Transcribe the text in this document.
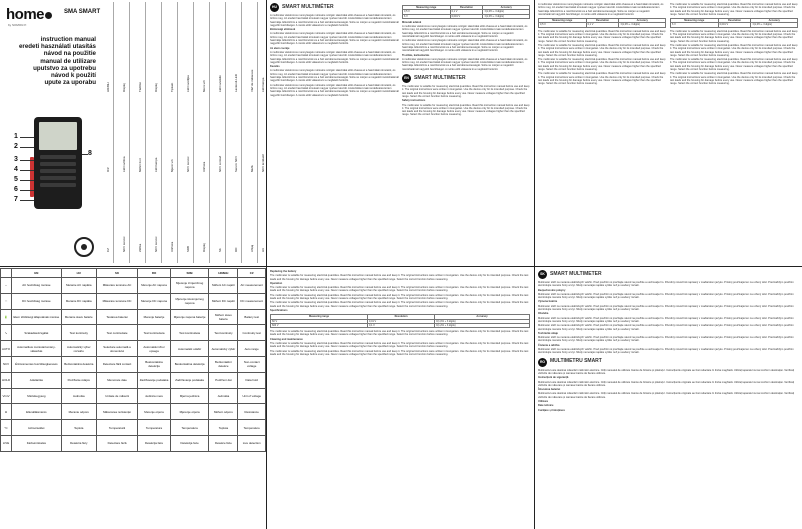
home
by SOMOGYI
SMA SMART
instruction manual
eredeti használati utasítás
návod na použitie
manual de utilizare
uputstvo za upotrebu
návod k použití
upute za uporabu
1
2
3
4
5
6
7
8
CZ
ICZ
HR/BiH
NCV senzor
LED svítilna
Displej
Zdířka
Měřicí hrot
Tlačítko
NCV senzor
LED lampa
Displej
Utičnica
Mjerni vrh
Tipkalo
SRB
NCV senzor
LED svetiljka
Displej
Utičnica
Merni vrh
SK
NCV snímač
LED svietidlo
RO
Senzor NCV
Lanternă LED
Afișaj
Mufă
Vârf de măsurare
HU
NCV érzékelő
LED lámpa
	EN	HU	SK	RO	SRB	HR/BiH	CZ
~	AC feszültség mérése	Meranie AC napätia	Măsurare tensiune AC	Merenje AC napona	Mjerenje izmjeničnog napona	Měření AC napětí	AC measurement
⎓	DC feszültség mérése	Meranie DC napätia	Măsurare tensiune DC	Merenje DC napona	Mjerenje istosmjernog napona	Měření DC napětí	DC measurement
🔋	Elem töltöttségi állapotának mérése	Meranie stavu batérie	Testarea bateriei	Merenje baterije	Mjerenje napona baterije	Měření stavu baterie	Battery test
∿	Szakadásvizsgálat	Test kontinuity	Test continuitate	Test kontinuiteta	Test kontinuiteta	Test kontinuity	Continuity test
AUTO	Automatikus méréstartomány-választás	Automatický výber rozsahu	Selectare automată a domeniului	Automatski izbor opsega	Automatski odabir	Automatický výběr	Auto range
NCV	Érintésmentes feszültségkeresés	Bezkontaktná detekcia	Detectare fără contact	Beskontaktna detekcija	Beskontaktna detekcija	Bezkontaktní detekce	Non-contact voltage
HOLD	Adattartás	Podržanie údajov	Memorare date	Zadržavanje podataka	Zadržavanje podataka	Podržení dat	Data hold
V/mV	Mértékegység	Jednotka	Unitate de măsură	Jedinica mere	Mjerna jedinica	Jednotka	Unit of voltage
Ω	Ellenállásmérés	Meranie odporu	Măsurarea rezistenței	Merenje otpora	Mjerenje otpora	Měření odporu	Resistance
°C	Hőmérséklet	Teplota	Temperatură	Temperatura	Temperatura	Teplota	Temperature
LIVE	Fázisérzékelés	Detekcia fázy	Detectare fază	Detekcija faze	Detekcija faze	Detekce fáze	Live detection
HU	SMART MULTIMÉTER

A multiméter elektromos mennyiségek mérésére szolgál. Használat előtt olvassa el a használati útmutatót, és őrizze meg. Az eredeti használati útmutató magyar nyelven készült. A készüléket csak rendeltetésszerűen használja. Ellenőrizze a mérőzsinórok és a ház sérülésmentességét. Soha ne mérjen a megadott méréshatárnál nagyobb feszültséget. A mérés előtt válassza ki a megfelelő funkciót.

Biztonsági előírások

A multiméter elektromos mennyiségek mérésére szolgál. Használat előtt olvassa el a használati útmutatót, és őrizze meg. Az eredeti használati útmutató magyar nyelven készült. A készüléket csak rendeltetésszerűen használja. Ellenőrizze a mérőzsinórok és a ház sérülésmentességét. Soha ne mérjen a megadott méréshatárnál nagyobb feszültséget. A mérés előtt válassza ki a megfelelő funkciót.

Az elem cseréje

A multiméter elektromos mennyiségek mérésére szolgál. Használat előtt olvassa el a használati útmutatót, és őrizze meg. Az eredeti használati útmutató magyar nyelven készült. A készüléket csak rendeltetésszerűen használja. Ellenőrizze a mérőzsinórok és a ház sérülésmentességét. Soha ne mérjen a megadott méréshatárnál nagyobb feszültséget. A mérés előtt válassza ki a megfelelő funkciót.

Kezelés

A multiméter elektromos mennyiségek mérésére szolgál. Használat előtt olvassa el a használati útmutatót, és őrizze meg. Az eredeti használati útmutató magyar nyelven készült. A készüléket csak rendeltetésszerűen használja. Ellenőrizze a mérőzsinórok és a ház sérülésmentességét. Soha ne mérjen a megadott méréshatárnál nagyobb feszültséget. A mérés előtt válassza ki a megfelelő funkciót.

A multiméter elektromos mennyiségek mérésére szolgál. Használat előtt olvassa el a használati útmutatót, és őrizze meg. Az eredeti használati útmutató magyar nyelven készült. A készüléket csak rendeltetésszerűen használja. Ellenőrizze a mérőzsinórok és a ház sérülésmentességét. Soha ne mérjen a megadott méréshatárnál nagyobb feszültséget. A mérés előtt válassza ki a megfelelő funkciót.

Measuring range	Resolution	Accuracy
0,5 V	0,1 V	±(1,0% + 3 digits)
6 V	0,001 V	±(1,0% + 3 digits)

Műszaki adatok

A multiméter elektromos mennyiségek mérésére szolgál. Használat előtt olvassa el a használati útmutatót, és őrizze meg. Az eredeti használati útmutató magyar nyelven készült. A készüléket csak rendeltetésszerűen használja. Ellenőrizze a mérőzsinórok és a ház sérülésmentességét. Soha ne mérjen a megadott méréshatárnál nagyobb feszültséget. A mérés előtt válassza ki a megfelelő funkciót.

A multiméter elektromos mennyiségek mérésére szolgál. Használat előtt olvassa el a használati útmutatót, és őrizze meg. Az eredeti használati útmutató magyar nyelven készült. A készüléket csak rendeltetésszerűen használja. Ellenőrizze a mérőzsinórok és a ház sérülésmentességét. Soha ne mérjen a megadott méréshatárnál nagyobb feszültséget. A mérés előtt válassza ki a megfelelő funkciót.

Tisztítás, karbantartás

A multiméter elektromos mennyiségek mérésére szolgál. Használat előtt olvassa el a használati útmutatót, és őrizze meg. Az eredeti használati útmutató magyar nyelven készült. A készüléket csak rendeltetésszerűen használja. Ellenőrizze a mérőzsinórok és a ház sérülésmentességét. Soha ne mérjen a megadott méréshatárnál nagyobb feszültséget. A mérés előtt válassza ki a megfelelő funkciót.

EN	SMART MULTIMETER

The multimeter is suitable for measuring electrical quantities. Read this instruction manual before use and keep it. The original instructions were written in Hungarian. Use the device only for its intended purpose. Check the test leads and the housing for damage before every use. Never measure voltages higher than the specified range. Select the correct function before measuring.

Safety instructions

The multimeter is suitable for measuring electrical quantities. Read this instruction manual before use and keep it. The original instructions were written in Hungarian. Use the device only for its intended purpose. Check the test leads and the housing for damage before every use. Never measure voltages higher than the specified range. Select the correct function before measuring.

Replacing the battery

The multimeter is suitable for measuring electrical quantities. Read this instruction manual before use and keep it. The original instructions were written in Hungarian. Use the device only for its intended purpose. Check the test leads and the housing for damage before every use. Never measure voltages higher than the specified range. Select the correct function before measuring.

Operation

The multimeter is suitable for measuring electrical quantities. Read this instruction manual before use and keep it. The original instructions were written in Hungarian. Use the device only for its intended purpose. Check the test leads and the housing for damage before every use. Never measure voltages higher than the specified range. Select the correct function before measuring.

The multimeter is suitable for measuring electrical quantities. Read this instruction manual before use and keep it. The original instructions were written in Hungarian. Use the device only for its intended purpose. Check the test leads and the housing for damage before every use. Never measure voltages higher than the specified range. Select the correct function before measuring.

The multimeter is suitable for measuring electrical quantities. Read this instruction manual before use and keep it. The original instructions were written in Hungarian. Use the device only for its intended purpose. Check the test leads and the housing for damage before every use. Never measure voltages higher than the specified range. Select the correct function before measuring.

Specifications

Measuring range	Resolution	Accuracy
60 V	0,01 V	±(1,0% + 3 digits)
600 V	0,1 V	±(1,2% + 3 digits)

The multimeter is suitable for measuring electrical quantities. Read this instruction manual before use and keep it. The original instructions were written in Hungarian. Use the device only for its intended purpose. Check the test leads and the housing for damage before every use. Never measure voltages higher than the specified range. Select the correct function before measuring.

Cleaning and maintenance

The multimeter is suitable for measuring electrical quantities. Read this instruction manual before use and keep it. The original instructions were written in Hungarian. Use the device only for its intended purpose. Check the test leads and the housing for damage before every use. Never measure voltages higher than the specified range. Select the correct function before measuring.

The multimeter is suitable for measuring electrical quantities. Read this instruction manual before use and keep it. The original instructions were written in Hungarian. Use the device only for its intended purpose. Check the test leads and the housing for damage before every use. Never measure voltages higher than the specified range. Select the correct function before measuring.

A multiméter elektromos mennyiségek mérésére szolgál. Használat előtt olvassa el a használati útmutatót, és őrizze meg. Az eredeti használati útmutató magyar nyelven készült. A készüléket csak rendeltetésszerűen használja. Ellenőrizze a mérőzsinórok és a ház sérülésmentességét. Soha ne mérjen a megadott méréshatárnál nagyobb feszültséget. A mérés előtt válassza ki a megfelelő funkciót.

Measuring range	Resolution	Accuracy
0,5 V	0,1 V	±(1,0% + 3 digits)

The multimeter is suitable for measuring electrical quantities. Read this instruction manual before use and keep it. The original instructions were written in Hungarian. Use the device only for its intended purpose. Check the test leads and the housing for damage before every use. Never measure voltages higher than the specified range. Select the correct function before measuring.

The multimeter is suitable for measuring electrical quantities. Read this instruction manual before use and keep it. The original instructions were written in Hungarian. Use the device only for its intended purpose. Check the test leads and the housing for damage before every use. Never measure voltages higher than the specified range. Select the correct function before measuring.

The multimeter is suitable for measuring electrical quantities. Read this instruction manual before use and keep it. The original instructions were written in Hungarian. Use the device only for its intended purpose. Check the test leads and the housing for damage before every use. Never measure voltages higher than the specified range. Select the correct function before measuring.

The multimeter is suitable for measuring electrical quantities. Read this instruction manual before use and keep it. The original instructions were written in Hungarian. Use the device only for its intended purpose. Check the test leads and the housing for damage before every use. Never measure voltages higher than the specified range. Select the correct function before measuring.

The multimeter is suitable for measuring electrical quantities. Read this instruction manual before use and keep it. The original instructions were written in Hungarian. Use the device only for its intended purpose. Check the test leads and the housing for damage before every use. Never measure voltages higher than the specified range. Select the correct function before measuring.

Measuring range	Resolution	Accuracy
6 V	0,001 V	±(1,0% + 3 digits)

The multimeter is suitable for measuring electrical quantities. Read this instruction manual before use and keep it. The original instructions were written in Hungarian. Use the device only for its intended purpose. Check the test leads and the housing for damage before every use. Never measure voltages higher than the specified range. Select the correct function before measuring.

The multimeter is suitable for measuring electrical quantities. Read this instruction manual before use and keep it. The original instructions were written in Hungarian. Use the device only for its intended purpose. Check the test leads and the housing for damage before every use. Never measure voltages higher than the specified range. Select the correct function before measuring.

The multimeter is suitable for measuring electrical quantities. Read this instruction manual before use and keep it. The original instructions were written in Hungarian. Use the device only for its intended purpose. Check the test leads and the housing for damage before every use. Never measure voltages higher than the specified range. Select the correct function before measuring.

The multimeter is suitable for measuring electrical quantities. Read this instruction manual before use and keep it. The original instructions were written in Hungarian. Use the device only for its intended purpose. Check the test leads and the housing for damage before every use. Never measure voltages higher than the specified range. Select the correct function before measuring.

SK	SMART MULTIMETER

Multimeter slúži na meranie elektrických veličín. Pred použitím si prečítajte návod na použitie a uschovajte ho. Pôvodný návod bol napísaný v maďarskom jazyku. Prístroj používajte len na určený účel. Pred každým použitím skontrolujte meracie hroty a kryt. Nikdy nemerajte napätie vyššie než je uvedený rozsah.

Bezpečnostné pokyny

Multimeter slúži na meranie elektrických veličín. Pred použitím si prečítajte návod na použitie a uschovajte ho. Pôvodný návod bol napísaný v maďarskom jazyku. Prístroj používajte len na určený účel. Pred každým použitím skontrolujte meracie hroty a kryt. Nikdy nemerajte napätie vyššie než je uvedený rozsah.

Výmena batérie

Multimeter slúži na meranie elektrických veličín. Pred použitím si prečítajte návod na použitie a uschovajte ho. Pôvodný návod bol napísaný v maďarskom jazyku. Prístroj používajte len na určený účel. Pred každým použitím skontrolujte meracie hroty a kryt. Nikdy nemerajte napätie vyššie než je uvedený rozsah.

Obsluha

Multimeter slúži na meranie elektrických veličín. Pred použitím si prečítajte návod na použitie a uschovajte ho. Pôvodný návod bol napísaný v maďarskom jazyku. Prístroj používajte len na určený účel. Pred každým použitím skontrolujte meracie hroty a kryt. Nikdy nemerajte napätie vyššie než je uvedený rozsah.

Multimeter slúži na meranie elektrických veličín. Pred použitím si prečítajte návod na použitie a uschovajte ho. Pôvodný návod bol napísaný v maďarskom jazyku. Prístroj používajte len na určený účel. Pred každým použitím skontrolujte meracie hroty a kryt. Nikdy nemerajte napätie vyššie než je uvedený rozsah.

Technické údaje

Multimeter slúži na meranie elektrických veličín. Pred použitím si prečítajte návod na použitie a uschovajte ho. Pôvodný návod bol napísaný v maďarskom jazyku. Prístroj používajte len na určený účel. Pred každým použitím skontrolujte meracie hroty a kryt. Nikdy nemerajte napätie vyššie než je uvedený rozsah.

Čistenie a údržba

Multimeter slúži na meranie elektrických veličín. Pred použitím si prečítajte návod na použitie a uschovajte ho. Pôvodný návod bol napísaný v maďarskom jazyku. Prístroj používajte len na určený účel. Pred každým použitím skontrolujte meracie hroty a kryt. Nikdy nemerajte napätie vyššie než je uvedený rozsah.

RO MULTIMETRU SMART

Multimetrul este destinat măsurării mărimilor electrice. Citiți manualul de utilizare înainte de folosire și păstrați-l. Instrucțiunile originale au fost redactate în limba maghiară. Utilizați aparatul numai conform destinației. Verificați vârfurile de măsurare și carcasa înainte de fiecare utilizare.

Instrucțiuni de siguranță

Multimetrul este destinat măsurării mărimilor electrice. Citiți manualul de utilizare înainte de folosire și păstrați-l. Instrucțiunile originale au fost redactate în limba maghiară. Utilizați aparatul numai conform destinației. Verificați vârfurile de măsurare și carcasa înainte de fiecare utilizare.

Înlocuirea bateriei

Multimetrul este destinat măsurării mărimilor electrice. Citiți manualul de utilizare înainte de folosire și păstrați-l. Instrucțiunile originale au fost redactate în limba maghiară. Utilizați aparatul numai conform destinației. Verificați vârfurile de măsurare și carcasa înainte de fiecare utilizare.

Utilizare

Date tehnice

Curățare și întreținere
